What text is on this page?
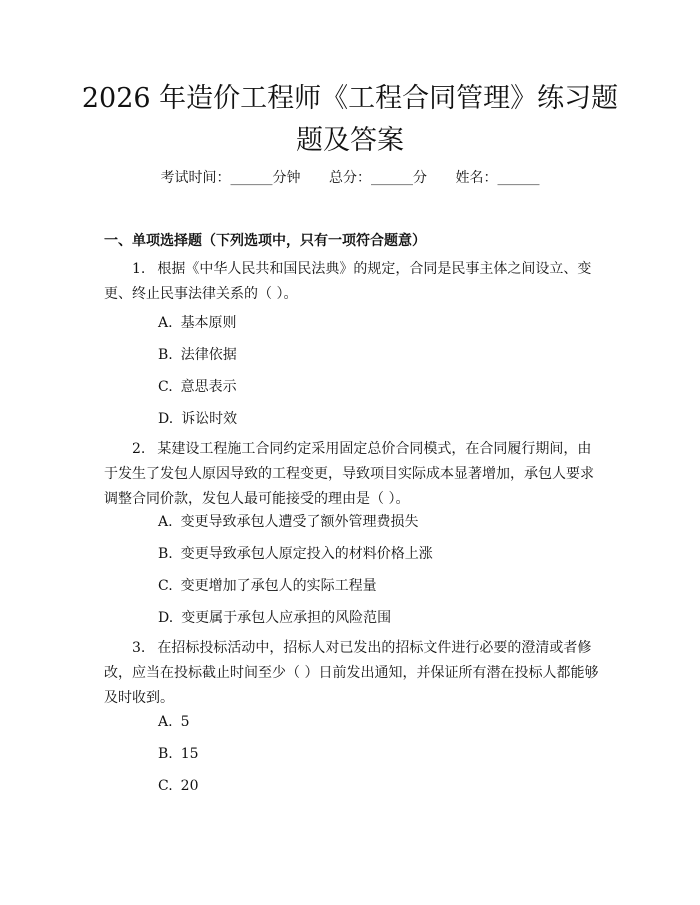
2026 年造价工程师《工程合同管理》练习题
题及答案
考试时间：______分钟 总分：______分 姓名：______
一、单项选择题（下列选项中，只有一项符合题意）
1. 根据《中华人民共和国民法典》的规定，合同是民事主体之间设立、变更、终止民事法律关系的（ ）。
A. 基本原则
B. 法律依据
C. 意思表示
D. 诉讼时效
2. 某建设工程施工合同约定采用固定总价合同模式，在合同履行期间，由于发生了发包人原因导致的工程变更，导致项目实际成本显著增加，承包人要求调整合同价款，发包人最可能接受的理由是（ ）。
A. 变更导致承包人遭受了额外管理费损失
B. 变更导致承包人原定投入的材料价格上涨
C. 变更增加了承包人的实际工程量
D. 变更属于承包人应承担的风险范围
3. 在招标投标活动中，招标人对已发出的招标文件进行必要的澄清或者修改，应当在投标截止时间至少（ ）日前发出通知，并保证所有潜在投标人都能够及时收到。
A. 5
B. 15
C. 20
